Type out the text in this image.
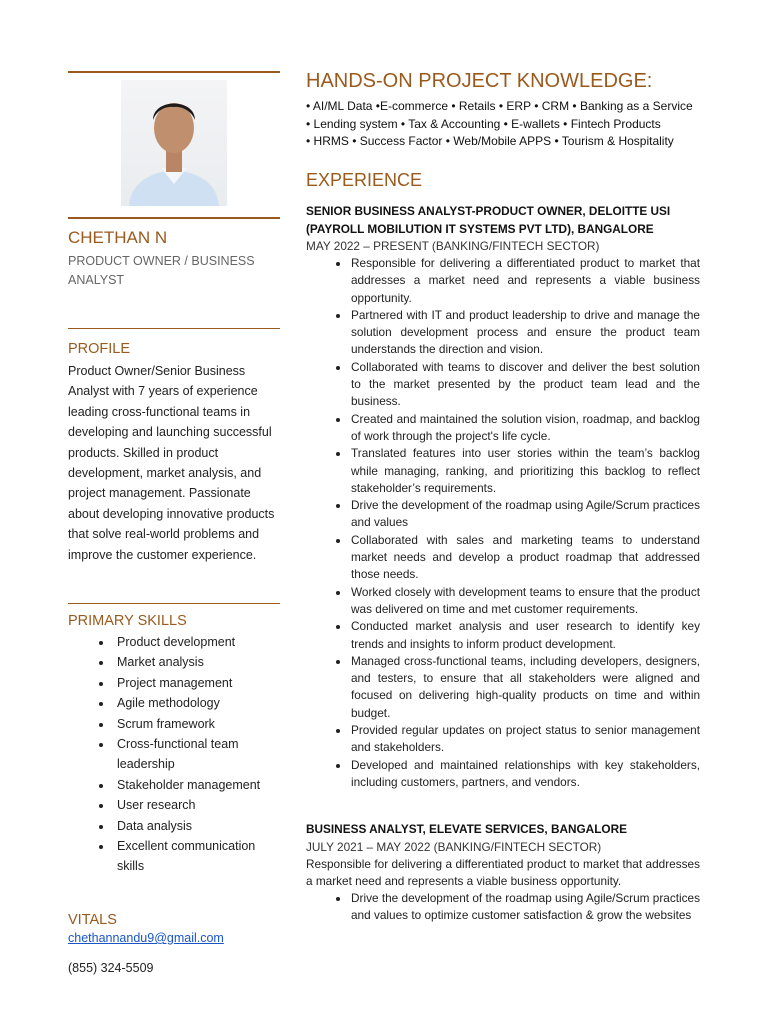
CHETHAN N
PRODUCT OWNER / BUSINESS ANALYST
PROFILE
Product Owner/Senior Business Analyst with 7 years of experience leading cross-functional teams in developing and launching successful products. Skilled in product development, market analysis, and project management. Passionate about developing innovative products that solve real-world problems and improve the customer experience.
PRIMARY SKILLS
• Product development
• Market analysis
• Project management
• Agile methodology
• Scrum framework
• Cross-functional team leadership
• Stakeholder management
• User research
• Data analysis
• Excellent communication skills
VITALS
chethannandu9@gmail.com
(855) 324-5509
HANDS-ON PROJECT KNOWLEDGE:
• AI/ML Data •E-commerce • Retails • ERP • CRM • Banking as a Service
• Lending system • Tax & Accounting • E-wallets • Fintech Products
• HRMS • Success Factor • Web/Mobile APPS • Tourism & Hospitality
EXPERIENCE
SENIOR BUSINESS ANALYST-PRODUCT OWNER, DELOITTE USI (PAYROLL MOBILUTION IT SYSTEMS PVT LTD), BANGALORE
MAY 2022 – PRESENT (BANKING/FINTECH SECTOR)
• Responsible for delivering a differentiated product to market that addresses a market need and represents a viable business opportunity.
• Partnered with IT and product leadership to drive and manage the solution development process and ensure the product team understands the direction and vision.
• Collaborated with teams to discover and deliver the best solution to the market presented by the product team lead and the business.
• Created and maintained the solution vision, roadmap, and backlog of work through the project's life cycle.
• Translated features into user stories within the team’s backlog while managing, ranking, and prioritizing this backlog to reflect stakeholder’s requirements.
• Drive the development of the roadmap using Agile/Scrum practices and values
• Collaborated with sales and marketing teams to understand market needs and develop a product roadmap that addressed those needs.
• Worked closely with development teams to ensure that the product was delivered on time and met customer requirements.
• Conducted market analysis and user research to identify key trends and insights to inform product development.
• Managed cross-functional teams, including developers, designers, and testers, to ensure that all stakeholders were aligned and focused on delivering high-quality products on time and within budget.
• Provided regular updates on project status to senior management and stakeholders.
• Developed and maintained relationships with key stakeholders, including customers, partners, and vendors.
BUSINESS ANALYST, ELEVATE SERVICES, BANGALORE
JULY 2021 – MAY 2022 (BANKING/FINTECH SECTOR)
Responsible for delivering a differentiated product to market that addresses a market need and represents a viable business opportunity.
• Drive the development of the roadmap using Agile/Scrum practices and values to optimize customer satisfaction & grow the websites
